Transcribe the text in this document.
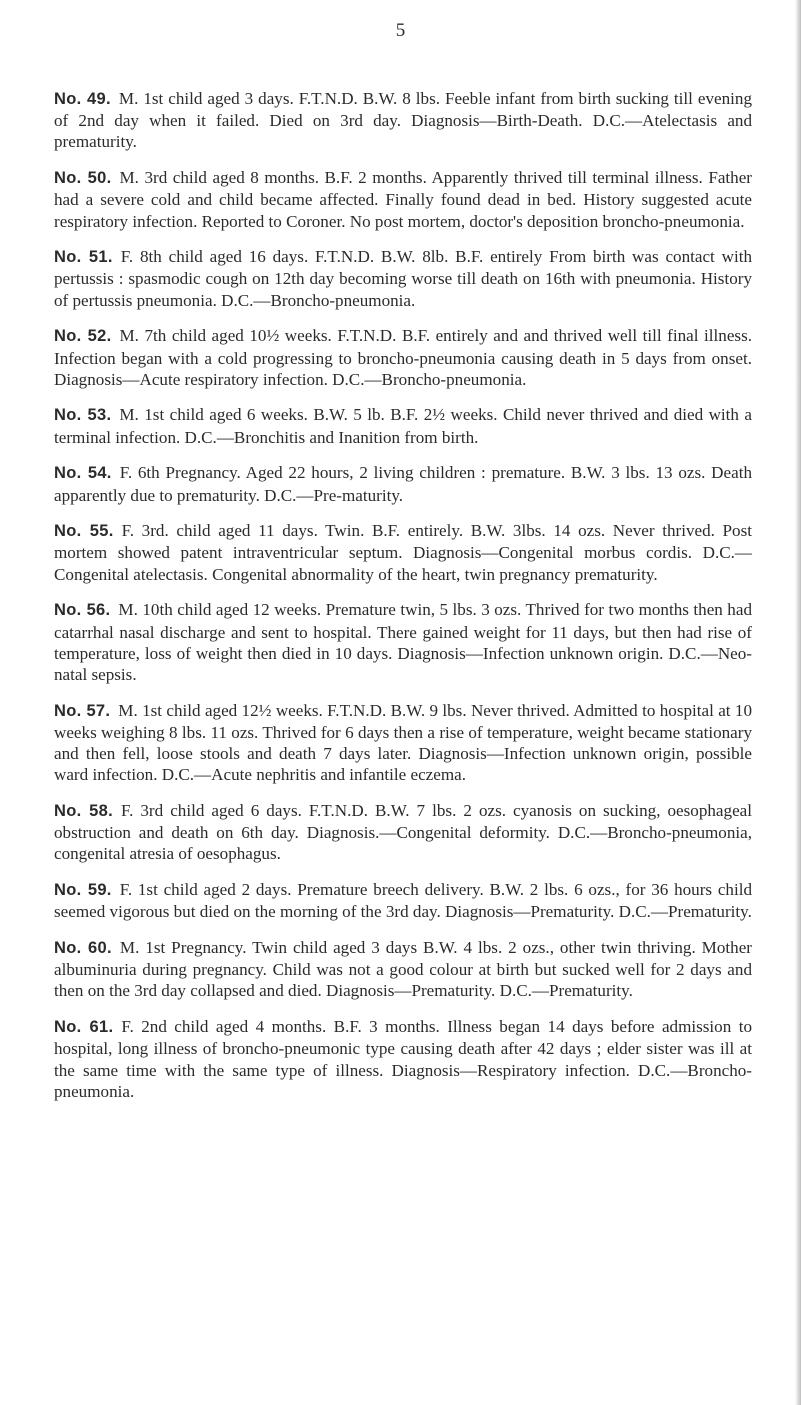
5

No. 49. M. 1st child aged 3 days. F.T.N.D. B.W. 8 lbs. Feeble infant from birth sucking till evening of 2nd day when it failed. Died on 3rd day. Diagnosis—Birth-Death. D.C.—Atelectasis and prematurity.

No. 50. M. 3rd child aged 8 months. B.F. 2 months. Apparently thrived till terminal illness. Father had a severe cold and child became affected. Finally found dead in bed. History suggested acute respiratory infection. Reported to Coroner. No post mortem, doctor's deposition broncho-pneumonia.

No. 51. F. 8th child aged 16 days. F.T.N.D. B.W. 8lb. B.F. entirely From birth was contact with pertussis : spasmodic cough on 12th day becoming worse till death on 16th with pneumonia. History of pertussis pneumonia. D.C.—Broncho-pneumonia.

No. 52. M. 7th child aged 10½ weeks. F.T.N.D. B.F. entirely and and thrived well till final illness. Infection began with a cold progressing to broncho-pneumonia causing death in 5 days from onset. Diagnosis—Acute respiratory infection. D.C.—Broncho-pneumonia.

No. 53. M. 1st child aged 6 weeks. B.W. 5 lb. B.F. 2½ weeks. Child never thrived and died with a terminal infection. D.C.—Bronchitis and Inanition from birth.

No. 54. F. 6th Pregnancy. Aged 22 hours, 2 living children : premature. B.W. 3 lbs. 13 ozs. Death apparently due to prematurity. D.C.—Pre-maturity.

No. 55. F. 3rd. child aged 11 days. Twin. B.F. entirely. B.W. 3lbs. 14 ozs. Never thrived. Post mortem showed patent intraventricular septum. Diagnosis—Congenital morbus cordis. D.C.—Congenital atelectasis. Congenital abnormality of the heart, twin pregnancy prematurity.

No. 56. M. 10th child aged 12 weeks. Premature twin, 5 lbs. 3 ozs. Thrived for two months then had catarrhal nasal discharge and sent to hospital. There gained weight for 11 days, but then had rise of temperature, loss of weight then died in 10 days. Diagnosis—Infection unknown origin. D.C.—Neo-natal sepsis.

No. 57. M. 1st child aged 12½ weeks. F.T.N.D. B.W. 9 lbs. Never thrived. Admitted to hospital at 10 weeks weighing 8 lbs. 11 ozs. Thrived for 6 days then a rise of temperature, weight became stationary and then fell, loose stools and death 7 days later. Diagnosis—Infection unknown origin, possible ward infection. D.C.—Acute nephritis and infantile eczema.

No. 58. F. 3rd child aged 6 days. F.T.N.D. B.W. 7 lbs. 2 ozs. cyanosis on sucking, oesophageal obstruction and death on 6th day. Diagnosis.—Congenital deformity. D.C.—Broncho-pneumonia, congenital atresia of oesophagus.

No. 59. F. 1st child aged 2 days. Premature breech delivery. B.W. 2 lbs. 6 ozs., for 36 hours child seemed vigorous but died on the morning of the 3rd day. Diagnosis—Prematurity. D.C.—Prematurity.

No. 60. M. 1st Pregnancy. Twin child aged 3 days B.W. 4 lbs. 2 ozs., other twin thriving. Mother albuminuria during pregnancy. Child was not a good colour at birth but sucked well for 2 days and then on the 3rd day collapsed and died. Diagnosis—Prematurity. D.C.—Prematurity.

No. 61. F. 2nd child aged 4 months. B.F. 3 months. Illness began 14 days before admission to hospital, long illness of broncho-pneumonic type causing death after 42 days ; elder sister was ill at the same time with the same type of illness. Diagnosis—Respiratory infection. D.C.—Broncho-pneumonia.
